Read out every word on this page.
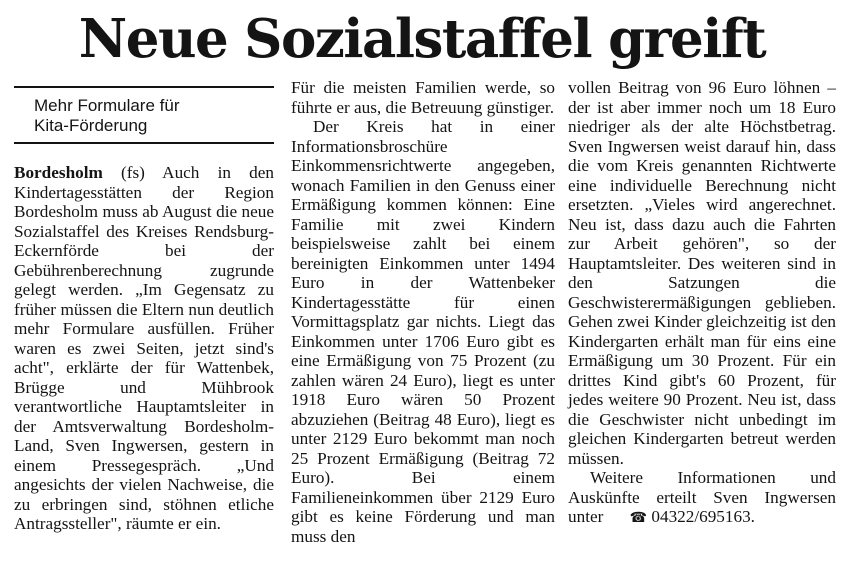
Neue Sozialstaffel greift
Mehr Formulare für
Kita-Förderung

Bordesholm (fs) Auch in den Kindertagesstätten der Region Bordesholm muss ab August die neue Sozialstaffel des Kreises Rendsburg-Eckernförde bei der Gebührenberechnung zugrunde gelegt werden. „Im Gegensatz zu früher müssen die Eltern nun deutlich mehr Formulare ausfüllen. Früher waren es zwei Seiten, jetzt sind's acht", erklärte der für Wattenbek, Brügge und Mühbrook verantwortliche Hauptamtsleiter in der Amtsverwaltung Bordesholm-Land, Sven Ingwersen, gestern in einem Pressegespräch. „Und angesichts der vielen Nachweise, die zu erbringen sind, stöhnen etliche Antragssteller", räumte er ein.

Für die meisten Familien werde, so führte er aus, die Betreuung günstiger.

Der Kreis hat in einer Informationsbroschüre Einkommensrichtwerte angegeben, wonach Familien in den Genuss einer Ermäßigung kommen können: Eine Familie mit zwei Kindern beispielsweise zahlt bei einem bereinigten Einkommen unter 1494 Euro in der Wattenbeker Kindertagesstätte für einen Vormittagsplatz gar nichts. Liegt das Einkommen unter 1706 Euro gibt es eine Ermäßigung von 75 Prozent (zu zahlen wären 24 Euro), liegt es unter 1918 Euro wären 50 Prozent abzuziehen (Beitrag 48 Euro), liegt es unter 2129 Euro bekommt man noch 25 Prozent Ermäßigung (Beitrag 72 Euro). Bei einem Familieneinkommen über 2129 Euro gibt es keine Förderung und man muss den

vollen Beitrag von 96 Euro löhnen – der ist aber immer noch um 18 Euro niedriger als der alte Höchstbetrag. Sven Ingwersen weist darauf hin, dass die vom Kreis genannten Richtwerte eine individuelle Berechnung nicht ersetzten. „Vieles wird angerechnet. Neu ist, dass dazu auch die Fahrten zur Arbeit gehören", so der Hauptamtsleiter. Des weiteren sind in den Satzungen die Geschwisterermäßigungen geblieben. Gehen zwei Kinder gleichzeitig ist den Kindergarten erhält man für eins eine Ermäßigung um 30 Prozent. Für ein drittes Kind gibt's 60 Prozent, für jedes weitere 90 Prozent. Neu ist, dass die Geschwister nicht unbedingt im gleichen Kindergarten betreut werden müssen.

Weitere Informationen und Auskünfte erteilt Sven Ingwersen unter ☎ 04322/695163.
